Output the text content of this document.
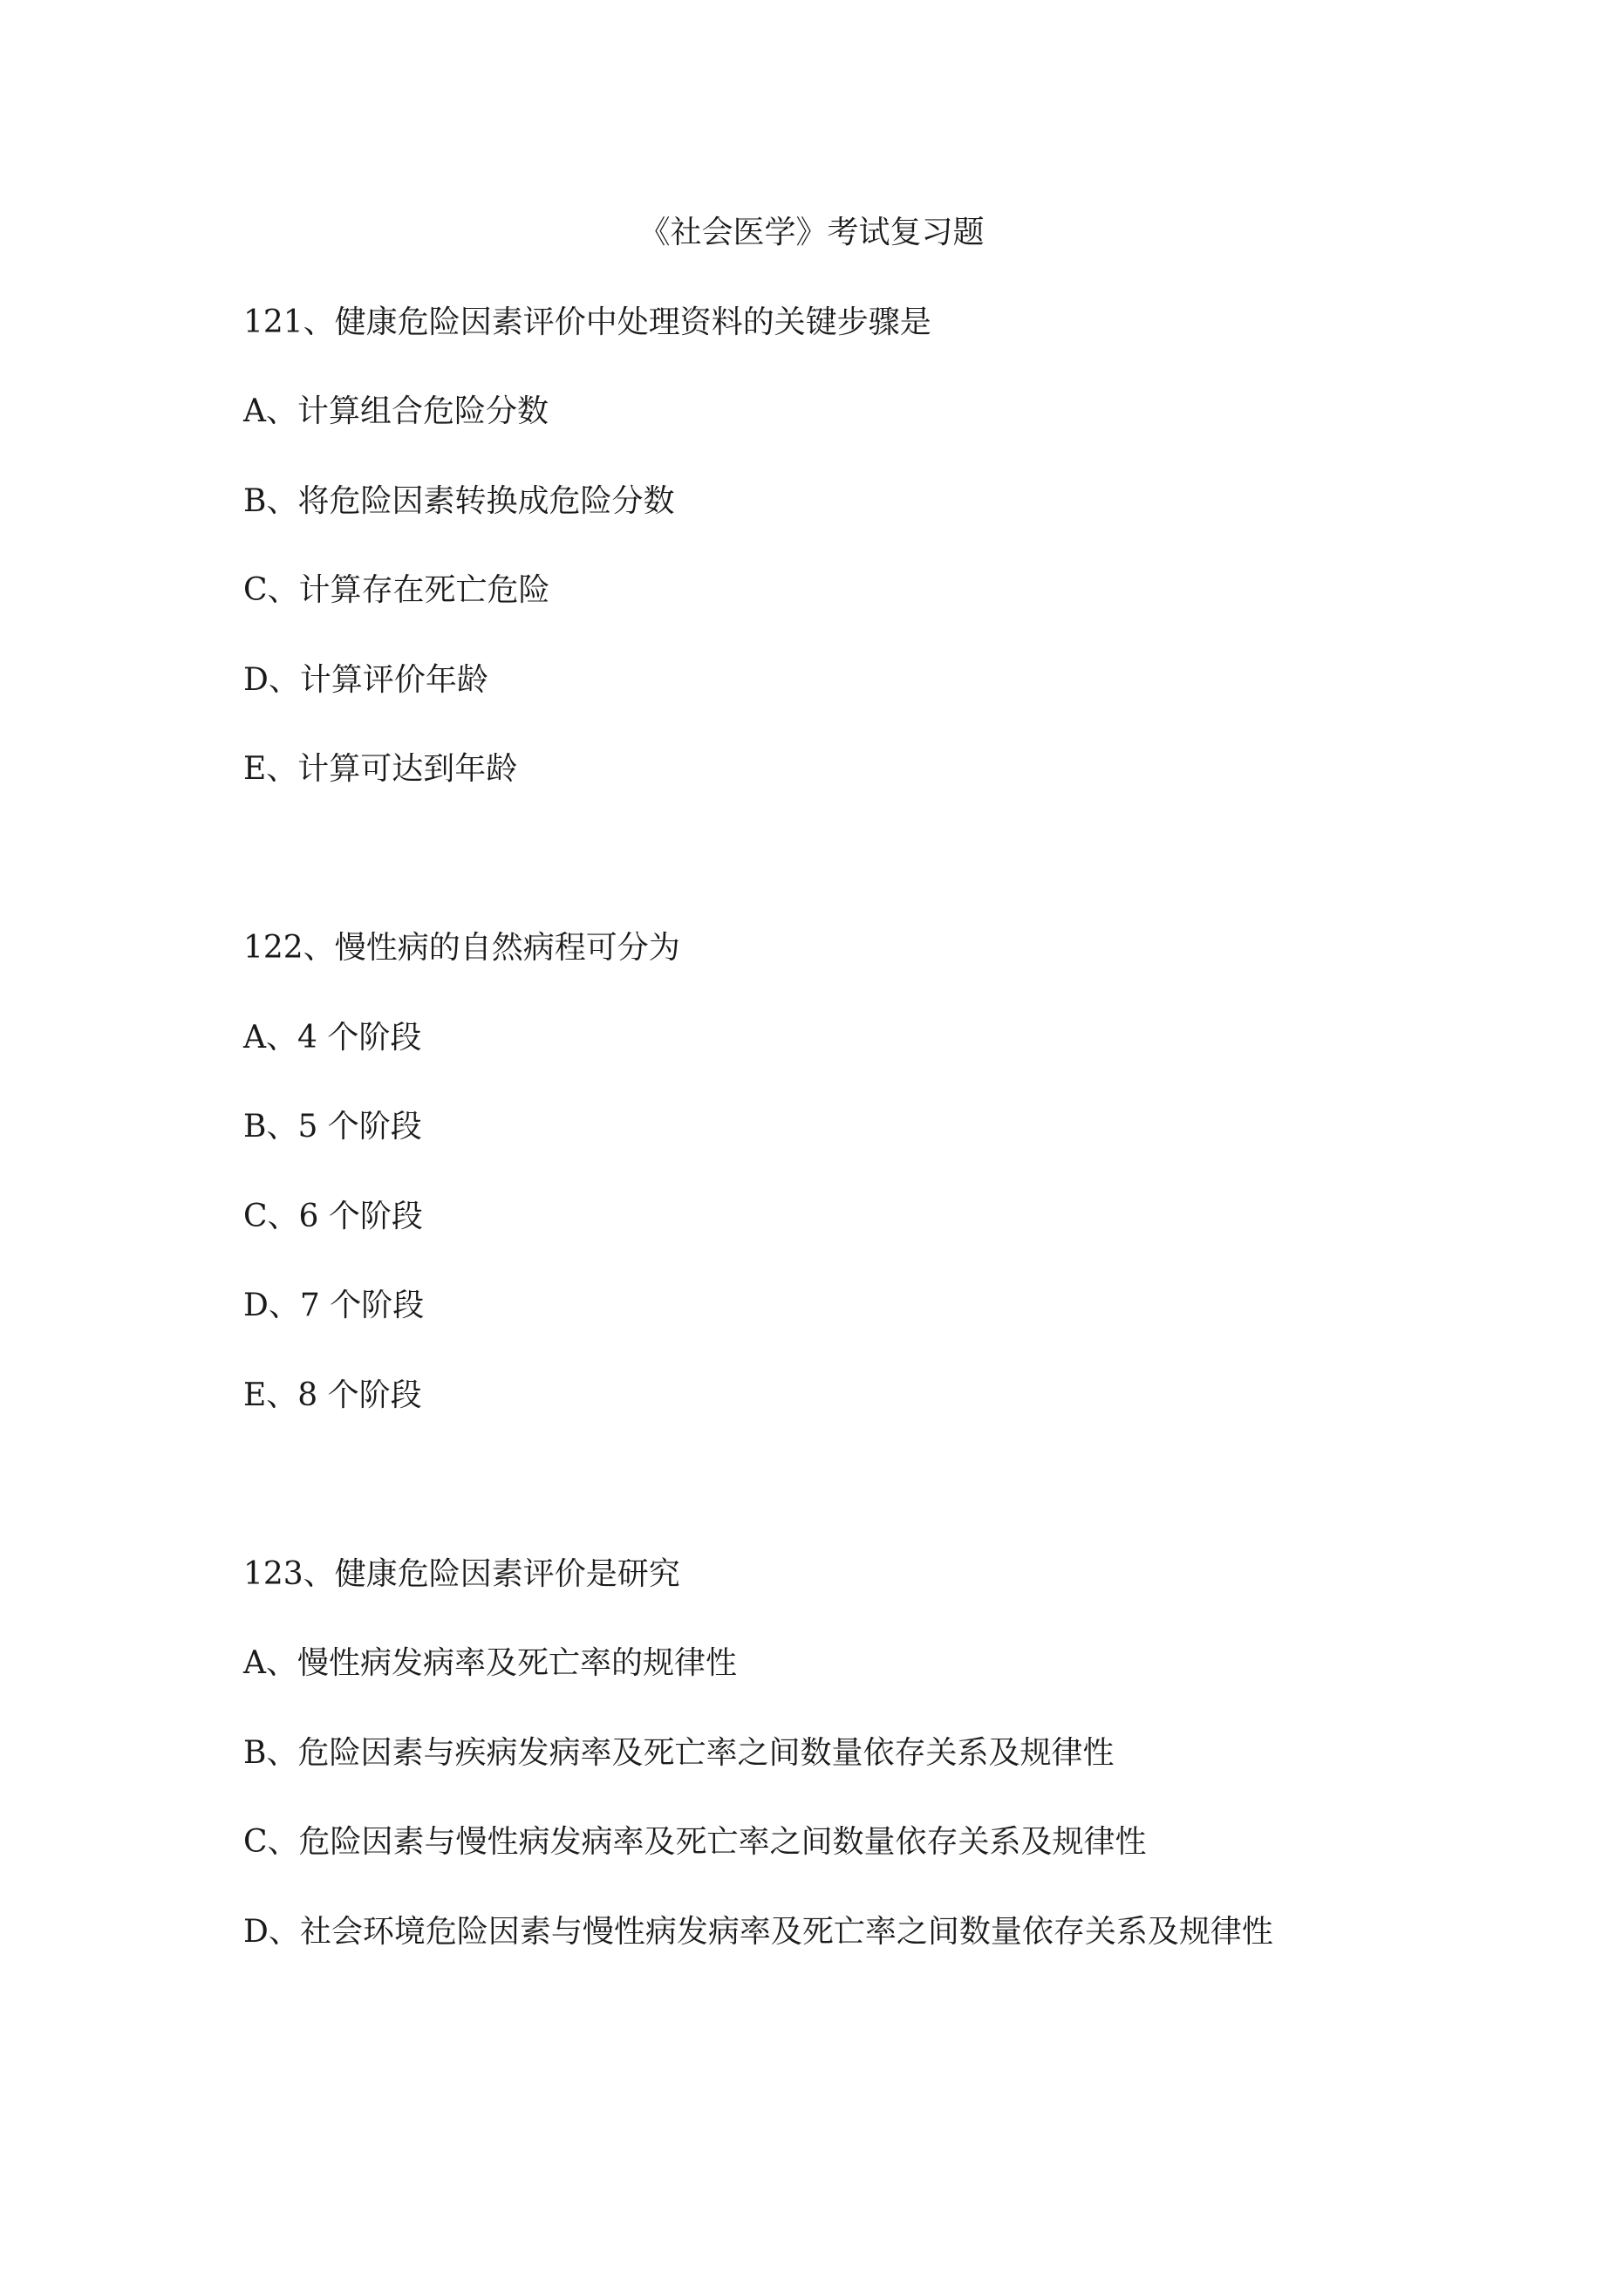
《社会医学》考试复习题
121、健康危险因素评价中处理资料的关键步骤是
A、计算组合危险分数
B、将危险因素转换成危险分数
C、计算存在死亡危险
D、计算评价年龄
E、计算可达到年龄
122、慢性病的自然病程可分为
A、4 个阶段
B、5 个阶段
C、6 个阶段
D、7 个阶段
E、8 个阶段
123、健康危险因素评价是研究
A、慢性病发病率及死亡率的规律性
B、危险因素与疾病发病率及死亡率之间数量依存关系及规律性
C、危险因素与慢性病发病率及死亡率之间数量依存关系及规律性
D、社会环境危险因素与慢性病发病率及死亡率之间数量依存关系及规律性
